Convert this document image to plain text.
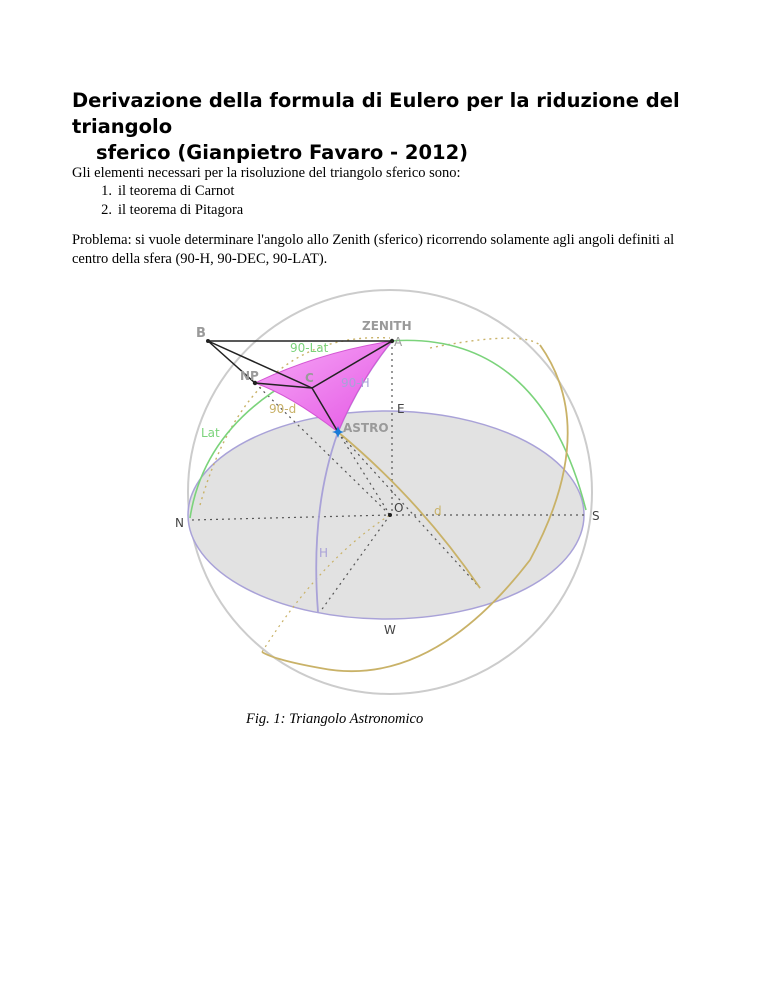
Derivazione della formula di Eulero per la riduzione del triangolo
sferico (Gianpietro Favaro - 2012)

Gli elementi necessari per la risoluzione del triangolo sferico sono:

1. il teorema di Carnot
2. il teorema di Pitagora

Problema: si vuole determinare l'angolo allo Zenith (sferico) ricorrendo solamente agli angoli definiti al centro della sfera (90-H, 90-DEC, 90-LAT).

B	ZENITH
A
90-Lat
NP	C 90-H
90-d	E
Lat	ASTRO
N
O	d	S
H
W
Fig. 1: Triangolo Astronomico
